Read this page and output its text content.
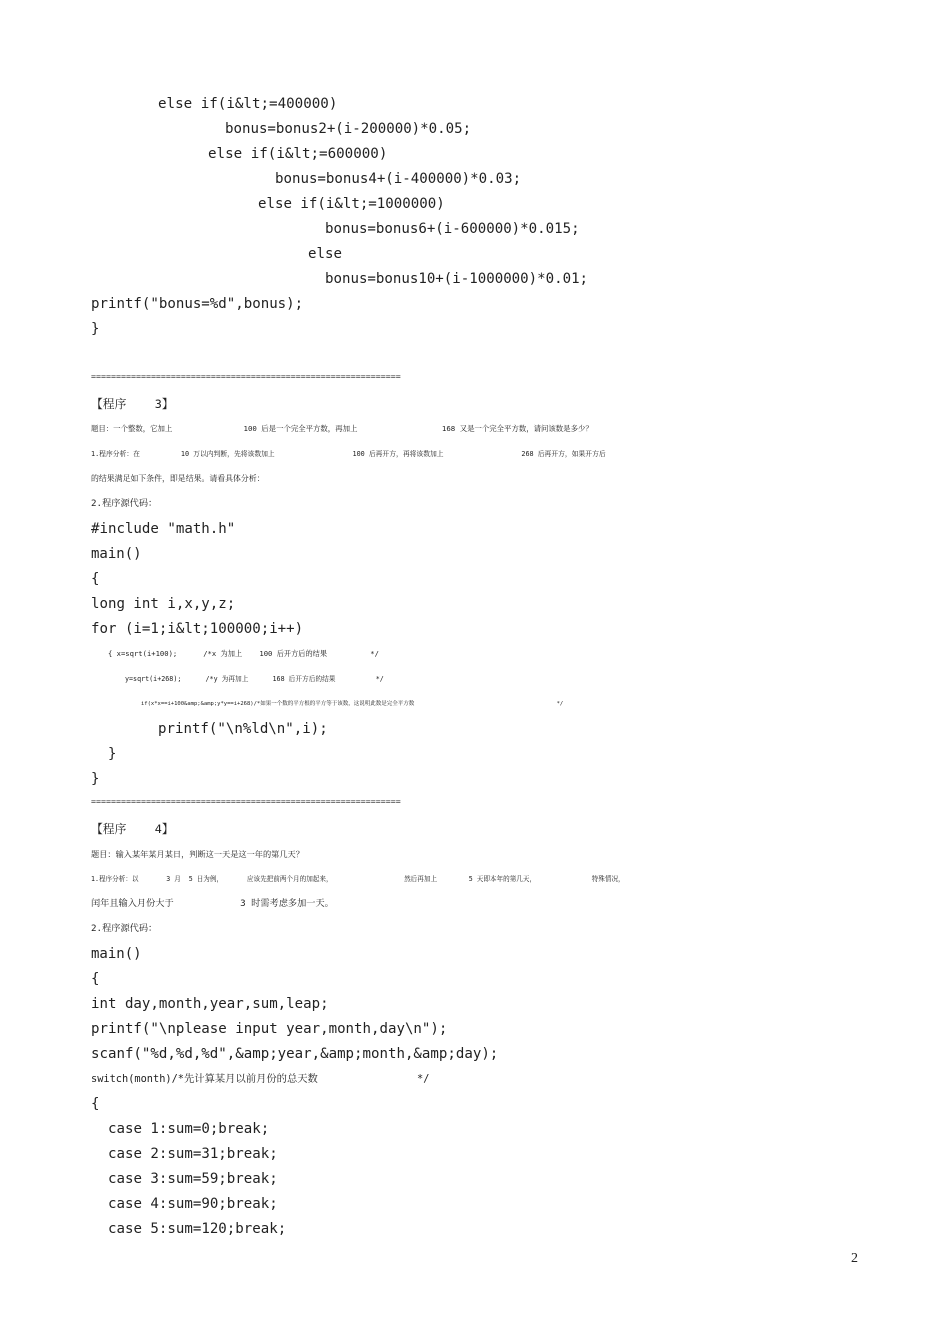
else if(i&lt;=400000)
bonus=bonus2+(i-200000)*0.05;
else if(i&lt;=600000)
bonus=bonus4+(i-400000)*0.03;
else if(i&lt;=1000000)
bonus=bonus6+(i-600000)*0.015;
else
bonus=bonus10+(i-1000000)*0.01;
printf("bonus=%d",bonus);
}
==============================================================
【程序    3】
题目：一个整数，它加上                100 后是一个完全平方数，再加上                   168 又是一个完全平方数，请问该数是多少？
1.程序分析：在          10 万以内判断，先将该数加上                   100 后再开方，再将该数加上                   268 后再开方，如果开方后
的结果满足如下条件，即是结果。请看具体分析：
2.程序源代码：
#include "math.h"
main()
{
long int i,x,y,z;
for (i=1;i&lt;100000;i++)
{ x=sqrt(i+100);      /*x 为加上    100 后开方后的结果          */
y=sqrt(i+268);      /*y 为再加上      168 后开方后的结果          */
if(x*x==i+100&amp;&amp;y*y==i+268)/*如果一个数的平方根的平方等于该数，这说明此数是完全平方数                                           */
printf("\n%ld\n",i);
}
}
==============================================================
【程序    4】
题目：输入某年某月某日，判断这一天是这一年的第几天？
1.程序分析：以       3 月  5 日为例，      应该先把前两个月的加起来，                  然后再加上        5 天即本年的第几天，              特殊情况，
闰年且输入月份大于            3 时需考虑多加一天。
2.程序源代码：
main()
{
int day,month,year,sum,leap;
printf("\nplease input year,month,day\n");
scanf("%d,%d,%d",&amp;year,&amp;month,&amp;day);
switch(month)/*先计算某月以前月份的总天数                */
{
case 1:sum=0;break;
case 2:sum=31;break;
case 3:sum=59;break;
case 4:sum=90;break;
case 5:sum=120;break;
2
